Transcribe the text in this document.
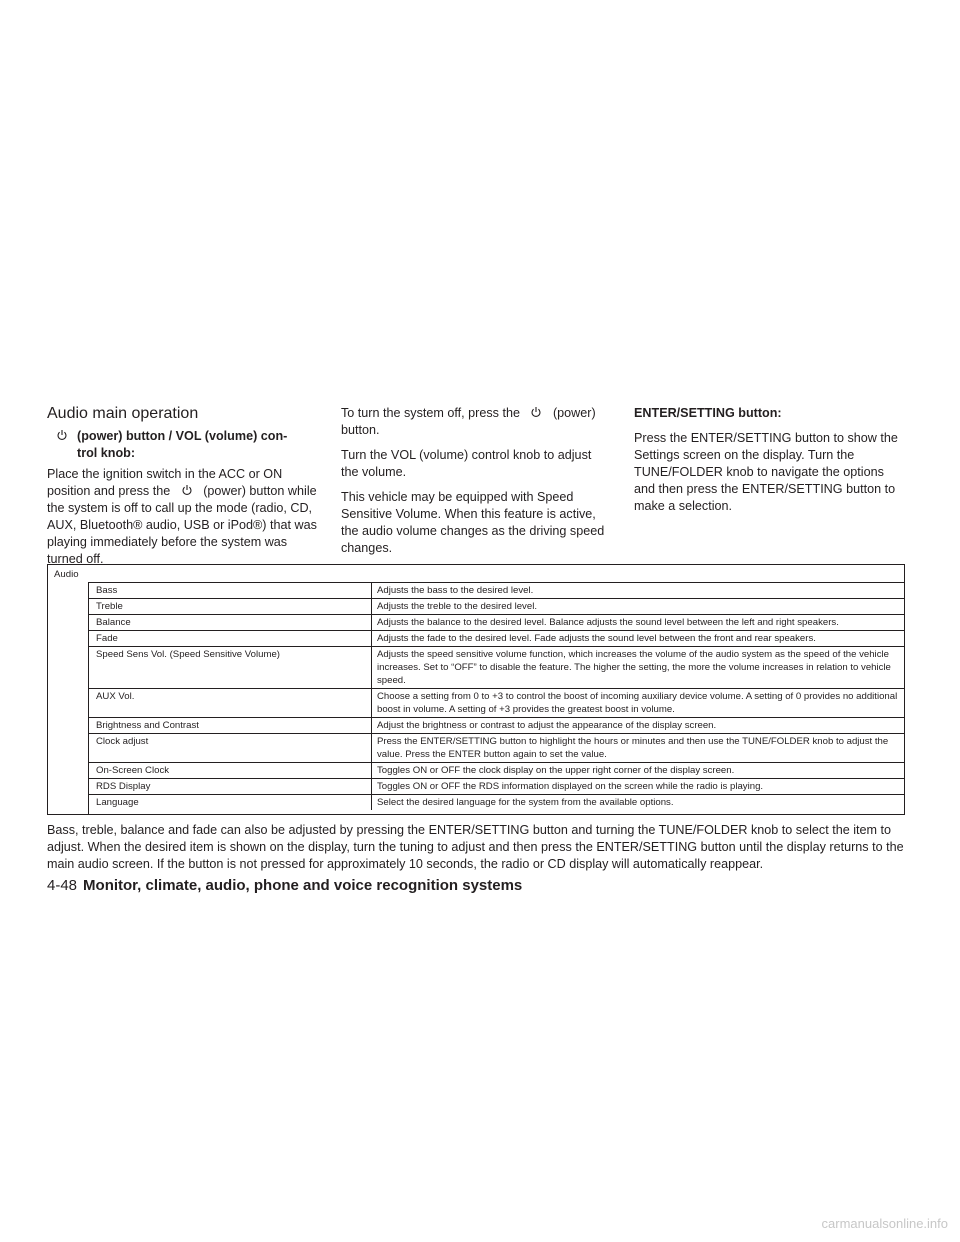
Audio main operation
(power) button / VOL (volume) con-
trol knob:

Place the ignition switch in the ACC or ON position and press the	(power) button while the system is off to call up the mode (radio, CD, AUX, Bluetooth® audio, USB or iPod®) that was playing immediately before the system was turned off.

To turn the system off, press the	(power) button.

Turn the VOL (volume) control knob to adjust the volume.

This vehicle may be equipped with Speed Sensitive Volume. When this feature is active, the audio volume changes as the driving speed changes.

ENTER/SETTING button:

Press the ENTER/SETTING button to show the Settings screen on the display. Turn the TUNE/FOLDER knob to navigate the options and then press the ENTER/SETTING button to make a selection.

Audio
Bass	Adjusts the bass to the desired level.
Treble	Adjusts the treble to the desired level.
Balance	Adjusts the balance to the desired level. Balance adjusts the sound level between the left and right speakers.
Fade	Adjusts the fade to the desired level. Fade adjusts the sound level between the front and rear speakers.
Speed Sens Vol. (Speed Sensitive Volume)	Adjusts the speed sensitive volume function, which increases the volume of the audio system as the speed of the vehicle increases. Set to “OFF” to disable the feature. The higher the setting, the more the volume increases in relation to vehicle speed.
AUX Vol.	Choose a setting from 0 to +3 to control the boost of incoming auxiliary device volume. A setting of 0 provides no additional boost in volume. A setting of +3 provides the greatest boost in volume.
Brightness and Contrast	Adjust the brightness or contrast to adjust the appearance of the display screen.
Clock adjust	Press the ENTER/SETTING button to highlight the hours or minutes and then use the TUNE/FOLDER knob to adjust the value. Press the ENTER button again to set the value.
On-Screen Clock	Toggles ON or OFF the clock display on the upper right corner of the display screen.
RDS Display	Toggles ON or OFF the RDS information displayed on the screen while the radio is playing.
Language	Select the desired language for the system from the available options.

Bass, treble, balance and fade can also be adjusted by pressing the ENTER/SETTING button and turning the TUNE/FOLDER knob to select the item to adjust. When the desired item is shown on the display, turn the tuning to adjust and then press the ENTER/SETTING button until the display returns to the main audio screen. If the button is not pressed for approximately 10 seconds, the radio or CD display will automatically reappear.

4-48 Monitor, climate, audio, phone and voice recognition systems
carmanualsonline.info
